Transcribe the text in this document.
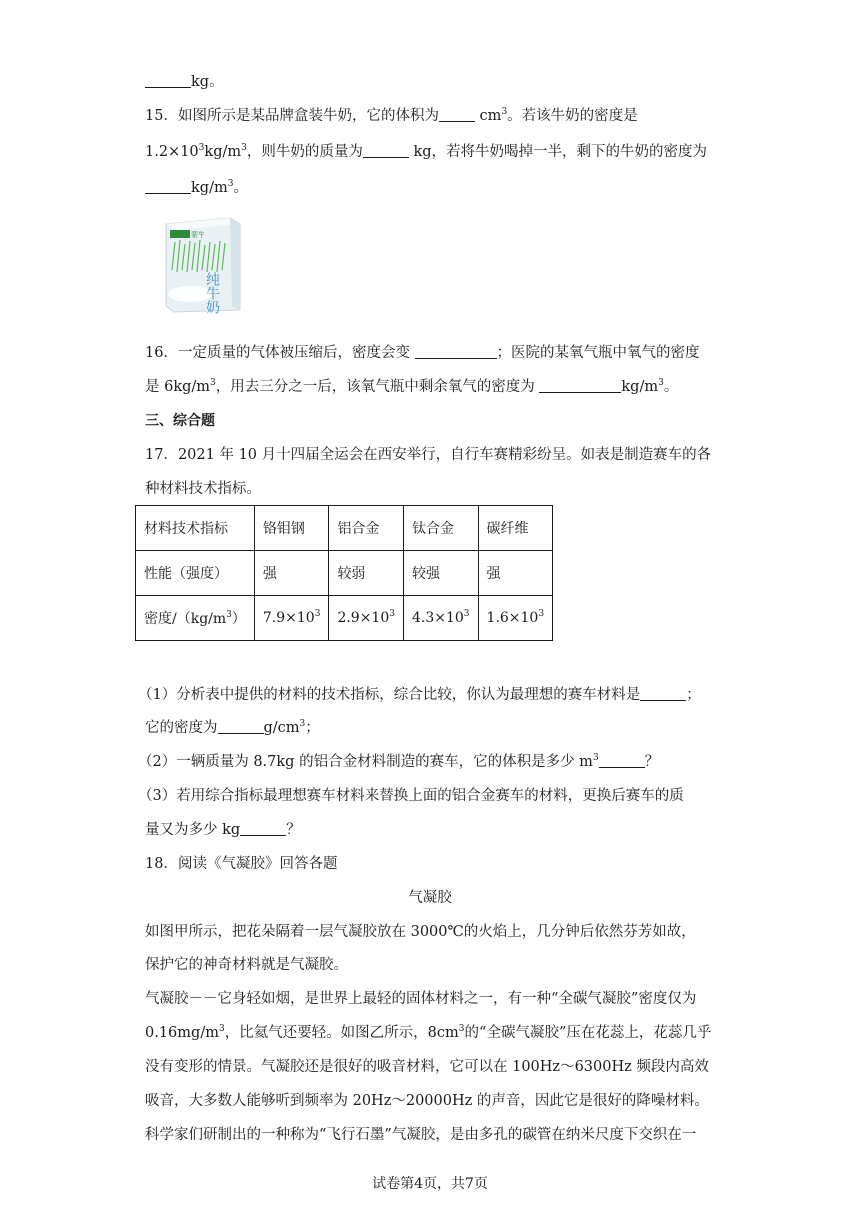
kg。
15．如图所示是某品牌盒装牛奶，它的体积为 $cm^3$。若该牛奶的密度是
$1.2\times 10^3kg/m^3$，则牛奶的质量为	kg，若将牛奶喝掉一半，剩下的牛奶的密度为
$kg/m^3$。
蒙牛
纯牛奶
16．一定质量的气体被压缩后，密度会变	；医院的某氧气瓶中氧气的密度
是 $6kg/m^3$，用去三分之一后，该氧气瓶中剩余氧气的密度为	$kg/m^3$。
三、综合题
17．2021 年 10 月十四届全运会在西安举行，自行车赛精彩纷呈。如表是制造赛车的各
种材料技术指标。
材料技术指标	铬钼钢	铝合金	钛合金	碳纤维
性能（强度）	强	较弱	较强	强
密度$/(kg/m^3)$	$7.9\times 10^3$	$2.9\times 10^3$	$4.3\times 10^3$	$1.6\times 10^3$
（1）分析表中提供的材料的技术指标，综合比较，你认为最理想的赛车材料是	；
它的密度为	$g/cm^3$；
（2）一辆质量为 8.7kg 的铝合金材料制造的赛车，它的体积是多少 $m^3$	？
（3）若用综合指标最理想赛车材料来替换上面的铝合金赛车的材料，更换后赛车的质
量又为多少 kg	？
18．阅读《气凝胶》回答各题
气凝胶
如图甲所示，把花朵隔着一层气凝胶放在 3000℃的火焰上，几分钟后依然芬芳如故，
保护它的神奇材料就是气凝胶。
气凝胶－－它身轻如烟，是世界上最轻的固体材料之一，有一种“全碳气凝胶”密度仅为
$0.16mg/m^3$，比氦气还要轻。如图乙所示，$8cm^3$的“全碳气凝胶”压在花蕊上，花蕊几乎
没有变形的情景。气凝胶还是很好的吸音材料，它可以在 100Hz～6300Hz 频段内高效
吸音，大多数人能够听到频率为 20Hz～20000Hz 的声音，因此它是很好的降噪材料。
科学家们研制出的一种称为“飞行石墨”气凝胶，是由多孔的碳管在纳米尺度下交织在一
试卷第4页，共7页
